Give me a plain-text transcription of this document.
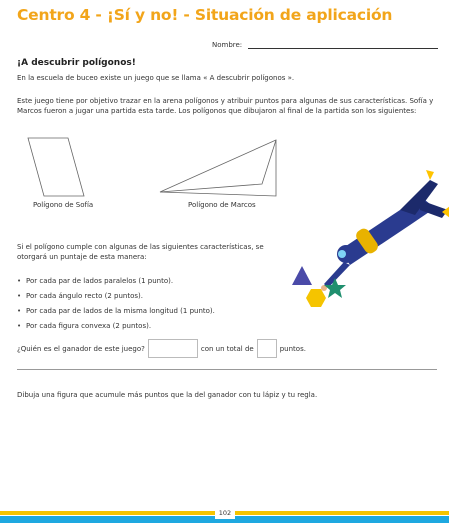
Centro 4 - ¡Sí y no! - Situación de aplicación
Nombre:
¡A descubrir polígonos!
En la escuela de buceo existe un juego que se llama « A descubrir polígonos ».
Este juego tiene por objetivo trazar en la arena polígonos y atribuir puntos para algunas de sus características. Sofía y Marcos fueron a jugar una partida esta tarde. Los polígonos que dibujaron al final de la partida son los siguientes:
Polígono de Sofía	Polígono de Marcos
Si el polígono cumple con algunas de las siguientes características, se otorgará un puntaje de esta manera:
• Por cada par de lados paralelos (1 punto).
• Por cada ángulo recto (2 puntos).
• Por cada par de lados de la misma longitud (1 punto).
• Por cada figura convexa (2 puntos).
¿Quién es el ganador de este juego?	con un total de	puntos.
Dibuja una figura que acumule más puntos que la del ganador con tu lápiz y tu regla.
102
